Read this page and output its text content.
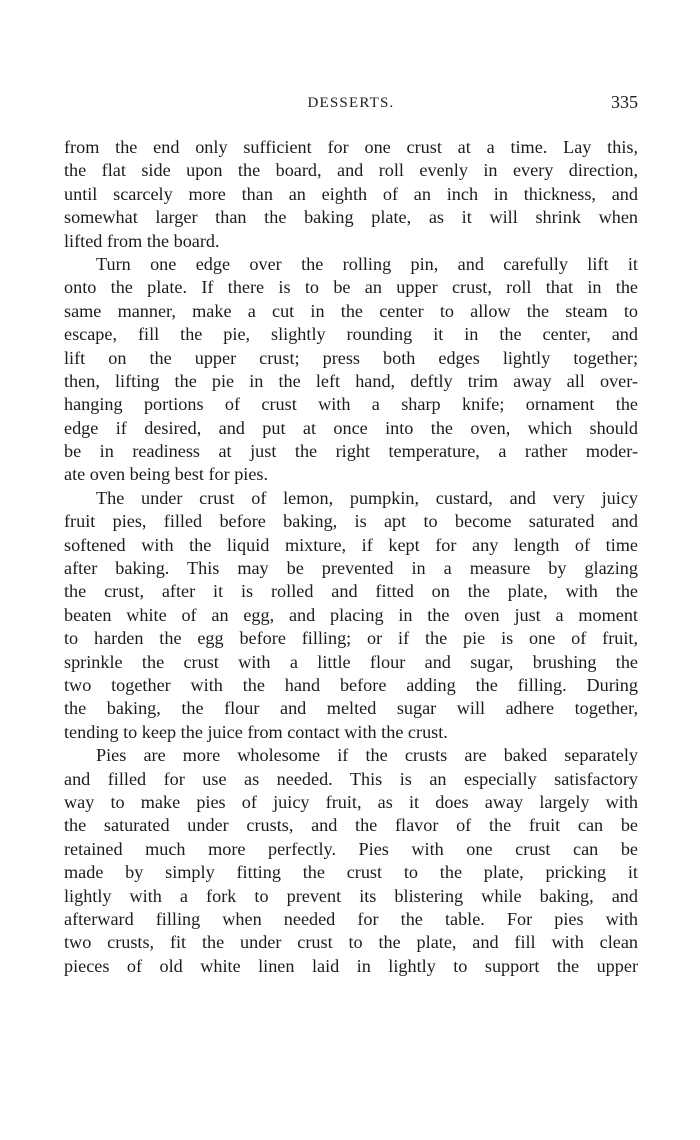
DESSERTS.	335
from the end only sufficient for one crust at a time. Lay this,
the flat side upon the board, and roll evenly in every direction,
until scarcely more than an eighth of an inch in thickness, and
somewhat larger than the baking plate, as it will shrink when
lifted from the board.
Turn one edge over the rolling pin, and carefully lift it
onto the plate. If there is to be an upper crust, roll that in the
same manner, make a cut in the center to allow the steam to
escape, fill the pie, slightly rounding it in the center, and
lift on the upper crust; press both edges lightly together;
then, lifting the pie in the left hand, deftly trim away all over-
hanging portions of crust with a sharp knife; ornament the
edge if desired, and put at once into the oven, which should
be in readiness at just the right temperature, a rather moder-
ate oven being best for pies.
The under crust of lemon, pumpkin, custard, and very juicy
fruit pies, filled before baking, is apt to become saturated and
softened with the liquid mixture, if kept for any length of time
after baking. This may be prevented in a measure by glazing
the crust, after it is rolled and fitted on the plate, with the
beaten white of an egg, and placing in the oven just a moment
to harden the egg before filling; or if the pie is one of fruit,
sprinkle the crust with a little flour and sugar, brushing the
two together with the hand before adding the filling. During
the baking, the flour and melted sugar will adhere together,
tending to keep the juice from contact with the crust.
Pies are more wholesome if the crusts are baked separately
and filled for use as needed. This is an especially satisfactory
way to make pies of juicy fruit, as it does away largely with
the saturated under crusts, and the flavor of the fruit can be
retained much more perfectly. Pies with one crust can be
made by simply fitting the crust to the plate, pricking it
lightly with a fork to prevent its blistering while baking, and
afterward filling when needed for the table. For pies with
two crusts, fit the under crust to the plate, and fill with clean
pieces of old white linen laid in lightly to support the upper
